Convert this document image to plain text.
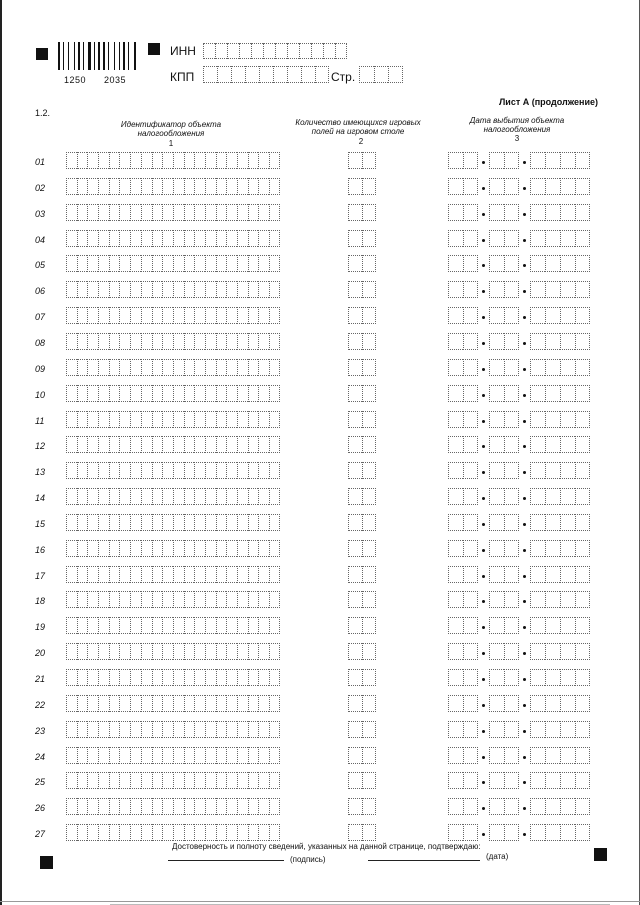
1250 2035
ИНН
КПП	Стр.
1.2.
Лист А (продолжение)
Идентификатор объекта налогообложения
1
Количество имеющихся игровых полей на игровом столе
2
Дата выбытия объекта налогообложения
3
01
02
03
04
05
06
07
08
09
10
11
12
13
14
15
16
17
18
19
20
21
22
23
24
25
26
27
Достоверность и полноту сведений, указанных на данной странице, подтверждаю:
(подпись)	(дата)
